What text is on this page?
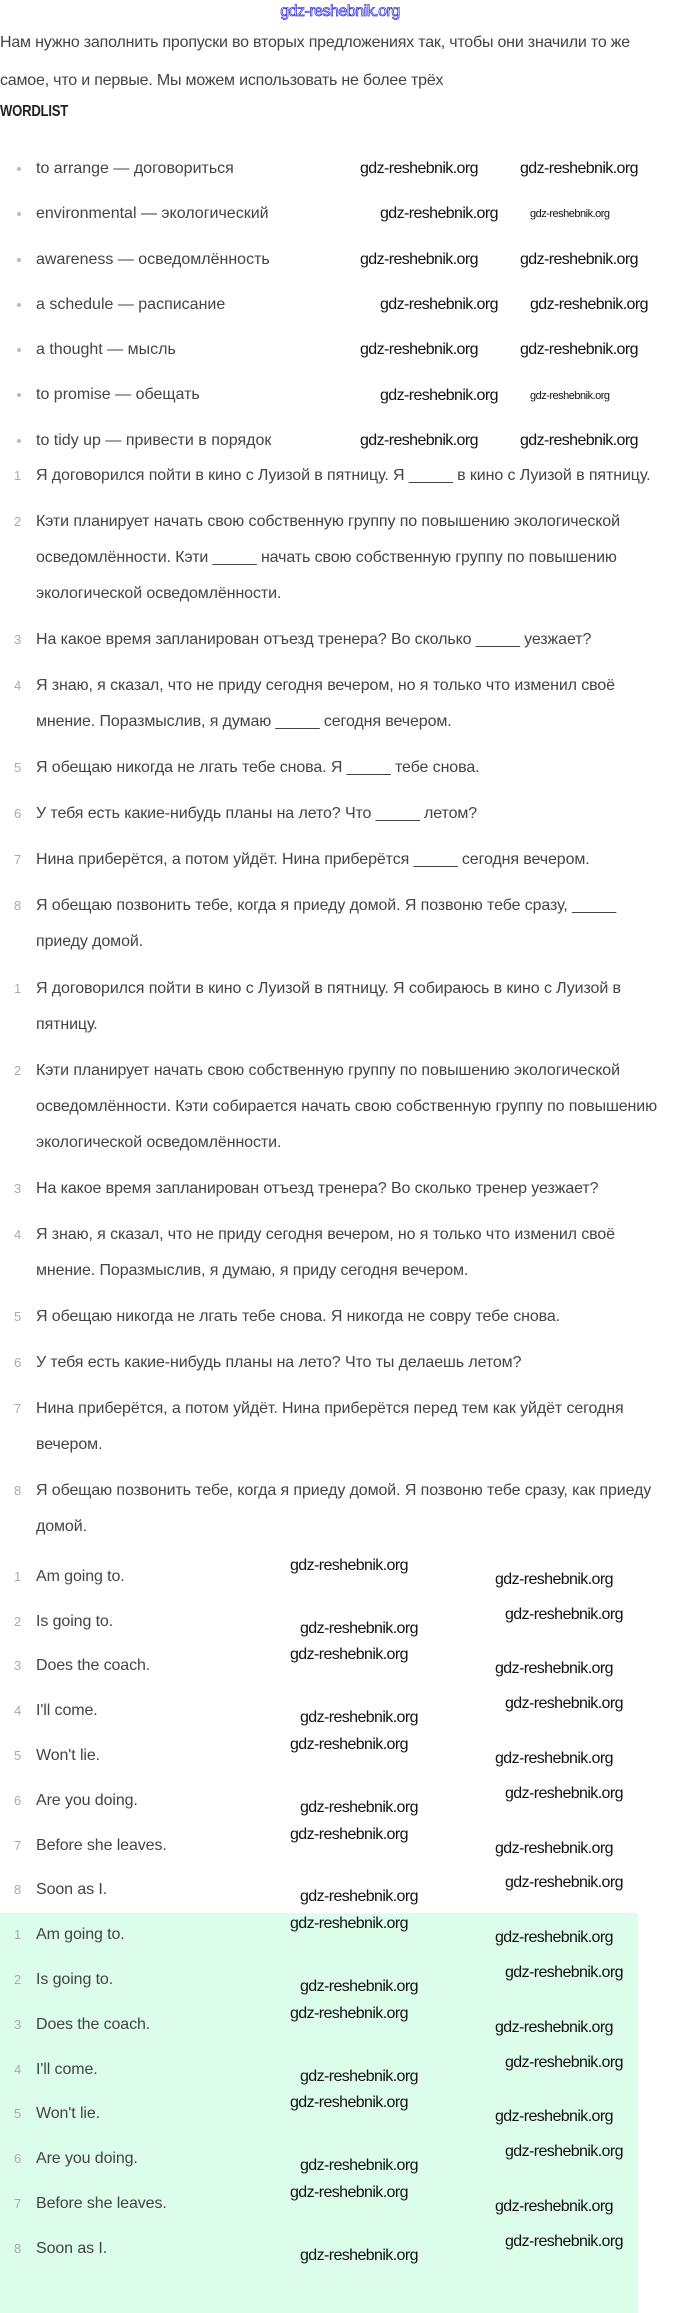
gdz-reshebnik.org
Нам нужно заполнить пропуски во вторых предложениях так, чтобы они значили то же самое, что и первые. Мы можем использовать не более трёх
WORDLIST
to arrange — договориться
environmental — экологический
awareness — осведомлённость
a schedule — расписание
a thought — мысль
to promise — обещать
to tidy up — привести в порядок
1 Я договорился пойти в кино с Луизой в пятницу. Я _____ в кино с Луизой в пятницу.
2 Кэти планирует начать свою собственную группу по повышению экологической осведомлённости. Кэти _____ начать свою собственную группу по повышению экологической осведомлённости.
3 На какое время запланирован отъезд тренера? Во сколько _____ уезжает?
4 Я знаю, я сказал, что не приду сегодня вечером, но я только что изменил своё мнение. Поразмыслив, я думаю _____ сегодня вечером.
5 Я обещаю никогда не лгать тебе снова. Я _____ тебе снова.
6 У тебя есть какие-нибудь планы на лето? Что _____ летом?
7 Нина приберётся, а потом уйдёт. Нина приберётся _____ сегодня вечером.
8 Я обещаю позвонить тебе, когда я приеду домой. Я позвоню тебе сразу, _____ приеду домой.
1 Я договорился пойти в кино с Луизой в пятницу. Я собираюсь в кино с Луизой в пятницу.
2 Кэти планирует начать свою собственную группу по повышению экологической осведомлённости. Кэти собирается начать свою собственную группу по повышению экологической осведомлённости.
3 На какое время запланирован отъезд тренера? Во сколько тренер уезжает?
4 Я знаю, я сказал, что не приду сегодня вечером, но я только что изменил своё мнение. Поразмыслив, я думаю, я приду сегодня вечером.
5 Я обещаю никогда не лгать тебе снова. Я никогда не совру тебе снова.
6 У тебя есть какие-нибудь планы на лето? Что ты делаешь летом?
7 Нина приберётся, а потом уйдёт. Нина приберётся перед тем как уйдёт сегодня вечером.
8 Я обещаю позвонить тебе, когда я приеду домой. Я позвоню тебе сразу, как приеду домой.
1 Am going to.
2 Is going to.
3 Does the coach.
4 I'll come.
5 Won't lie.
6 Are you doing.
7 Before she leaves.
8 Soon as I.
1 Am going to.
2 Is going to.
3 Does the coach.
4 I'll come.
5 Won't lie.
6 Are you doing.
7 Before she leaves.
8 Soon as I.
gdz-reshebnik.org	gdz-reshebnik.org
gdz-reshebnik.org	gdz-reshebnik.org
gdz-reshebnik.org	gdz-reshebnik.org
gdz-reshebnik.org gdz-reshebnik.org
gdz-reshebnik.org	gdz-reshebnik.org
gdz-reshebnik.org	gdz-reshebnik.org
gdz-reshebnik.org	gdz-reshebnik.org
gdz-reshebnik.org
gdz-reshebnik.org
gdz-reshebnik.org
gdz-reshebnik.org
gdz-reshebnik.org
gdz-reshebnik.org
gdz-reshebnik.org
gdz-reshebnik.org
gdz-reshebnik.org
gdz-reshebnik.org
gdz-reshebnik.org
gdz-reshebnik.org
gdz-reshebnik.org
gdz-reshebnik.org
gdz-reshebnik.org
gdz-reshebnik.org
gdz-reshebnik.org
gdz-reshebnik.org
gdz-reshebnik.org
gdz-reshebnik.org
gdz-reshebnik.org
gdz-reshebnik.org
gdz-reshebnik.org
gdz-reshebnik.org
gdz-reshebnik.org
gdz-reshebnik.org
gdz-reshebnik.org
gdz-reshebnik.org
gdz-reshebnik.org
gdz-reshebnik.org
gdz-reshebnik.org
gdz-reshebnik.org
